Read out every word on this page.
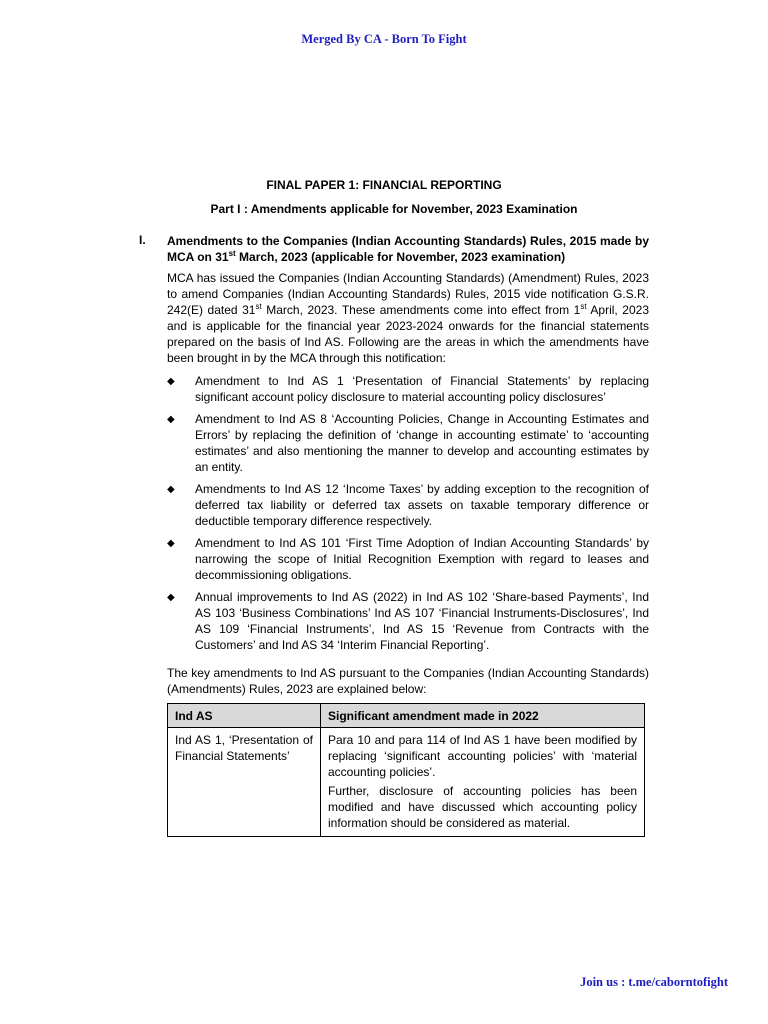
Merged By CA - Born To Fight
FINAL PAPER 1: FINANCIAL REPORTING
Part I : Amendments applicable for November, 2023 Examination
I. Amendments to the Companies (Indian Accounting Standards) Rules, 2015 made by MCA on 31st March, 2023 (applicable for November, 2023 examination)
MCA has issued the Companies (Indian Accounting Standards) (Amendment) Rules, 2023 to amend Companies (Indian Accounting Standards) Rules, 2015 vide notification G.S.R. 242(E) dated 31st March, 2023. These amendments come into effect from 1st April, 2023 and is applicable for the financial year 2023-2024 onwards for the financial statements prepared on the basis of Ind AS. Following are the areas in which the amendments have been brought in by the MCA through this notification:
◆ Amendment to Ind AS 1 ‘Presentation of Financial Statements’ by replacing significant account policy disclosure to material accounting policy disclosures’
◆ Amendment to Ind AS 8 ‘Accounting Policies, Change in Accounting Estimates and Errors’ by replacing the definition of ‘change in accounting estimate’ to ‘accounting estimates’ and also mentioning the manner to develop and accounting estimates by an entity.
◆ Amendments to Ind AS 12 ‘Income Taxes’ by adding exception to the recognition of deferred tax liability or deferred tax assets on taxable temporary difference or deductible temporary difference respectively.
◆ Amendment to Ind AS 101 ‘First Time Adoption of Indian Accounting Standards’ by narrowing the scope of Initial Recognition Exemption with regard to leases and decommissioning obligations.
◆ Annual improvements to Ind AS (2022) in Ind AS 102 ‘Share-based Payments’, Ind AS 103 ‘Business Combinations’ Ind AS 107 ‘Financial Instruments-Disclosures’, Ind AS 109 ‘Financial Instruments’, Ind AS 15 ‘Revenue from Contracts with the Customers’ and Ind AS 34 ‘Interim Financial Reporting’.
The key amendments to Ind AS pursuant to the Companies (Indian Accounting Standards) (Amendments) Rules, 2023 are explained below:
Ind AS	Significant amendment made in 2022
Ind AS 1, ‘Presentation of Financial Statements’	Para 10 and para 114 of Ind AS 1 have been modified by replacing ‘significant accounting policies’ with ‘material accounting policies’.

Further, disclosure of accounting policies has been modified and have discussed which accounting policy information should be considered as material.

Join us : t.me/caborntofight
